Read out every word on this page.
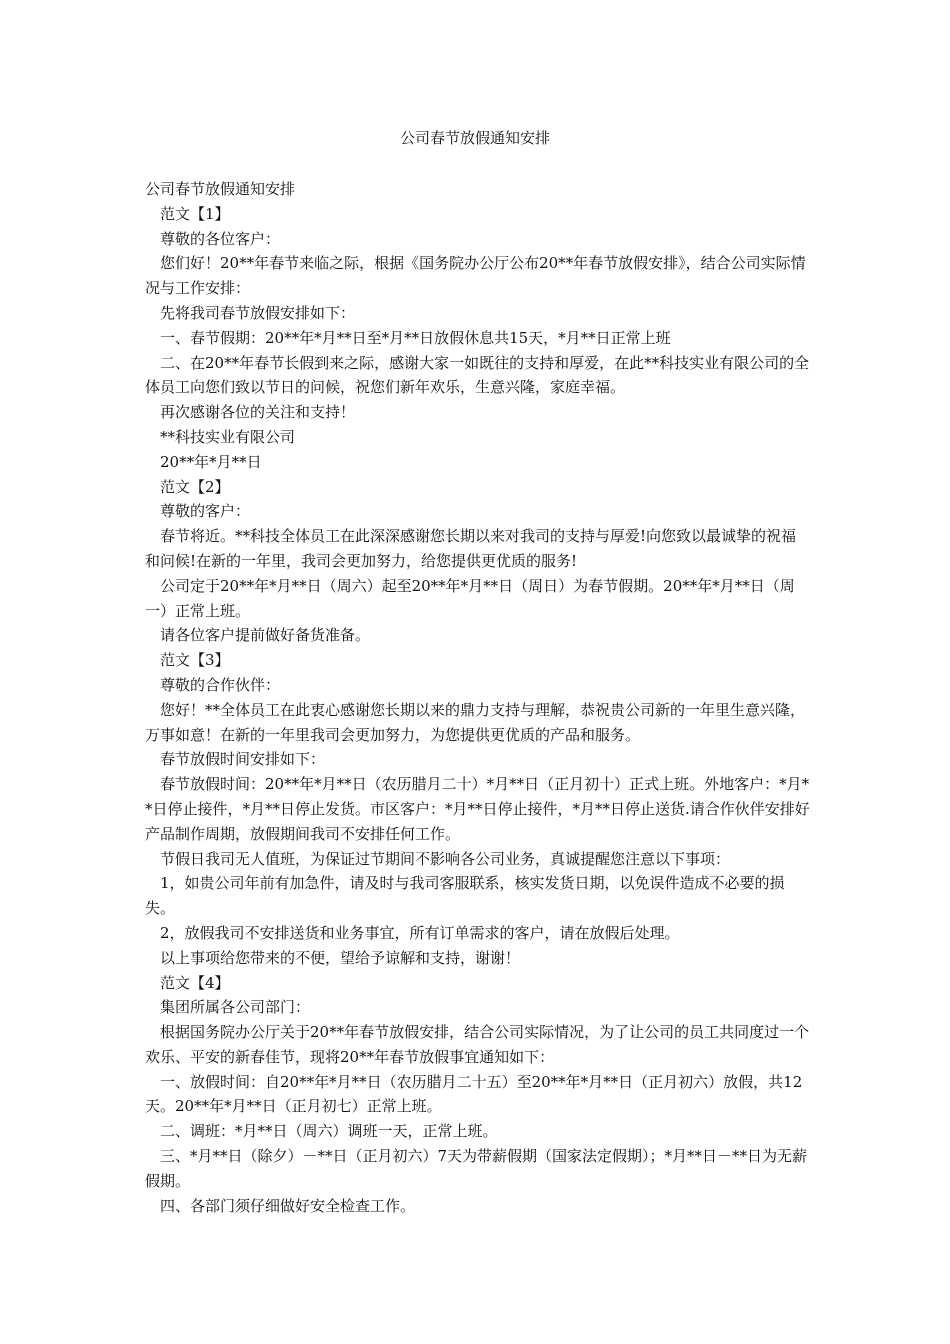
公司春节放假通知安排

公司春节放假通知安排

范文【1】

尊敬的各位客户：

您们好！20**年春节来临之际，根据《国务院办公厅公布20**年春节放假安排》，结合公司实际情况与工作安排：

先将我司春节放假安排如下：

一、春节假期：20**年*月**日至*月**日放假休息共15天，*月**日正常上班

二、在20**年春节长假到来之际，感谢大家一如既往的支持和厚爱，在此**科技实业有限公司的全体员工向您们致以节日的问候，祝您们新年欢乐，生意兴隆，家庭幸福。

再次感谢各位的关注和支持！

**科技实业有限公司

20**年*月**日

范文【2】

尊敬的客户：

春节将近。**科技全体员工在此深深感谢您长期以来对我司的支持与厚爱!向您致以最诚挚的祝福和问候!在新的一年里，我司会更加努力，给您提供更优质的服务!

公司定于20**年*月**日（周六）起至20**年*月**日（周日）为春节假期。20**年*月**日（周一）正常上班。

请各位客户提前做好备货准备。

范文【3】

尊敬的合作伙伴：

您好！**全体员工在此衷心感谢您长期以来的鼎力支持与理解，恭祝贵公司新的一年里生意兴隆，万事如意！在新的一年里我司会更加努力，为您提供更优质的产品和服务。

春节放假时间安排如下：

春节放假时间：20**年*月**日（农历腊月二十）*月**日（正月初十）正式上班。外地客户：*月**日停止接件，*月**日停止发货。市区客户：*月**日停止接件，*月**日停止送货.请合作伙伴安排好产品制作周期，放假期间我司不安排任何工作。

节假日我司无人值班，为保证过节期间不影响各公司业务，真诚提醒您注意以下事项：

1，如贵公司年前有加急件，请及时与我司客服联系，核实发货日期，以免误件造成不必要的损失。

2，放假我司不安排送货和业务事宜，所有订单需求的客户，请在放假后处理。

以上事项给您带来的不便，望给予谅解和支持，谢谢！

范文【4】

集团所属各公司部门：

根据国务院办公厅关于20**年春节放假安排，结合公司实际情况，为了让公司的员工共同度过一个欢乐、平安的新春佳节，现将20**年春节放假事宜通知如下：

一、放假时间：自20**年*月**日（农历腊月二十五）至20**年*月**日（正月初六）放假，共12天。20**年*月**日（正月初七）正常上班。

二、调班：*月**日（周六）调班一天，正常上班。

三、*月**日（除夕）－**日（正月初六）7天为带薪假期（国家法定假期）；*月**日－**日为无薪假期。

四、各部门须仔细做好安全检查工作。
